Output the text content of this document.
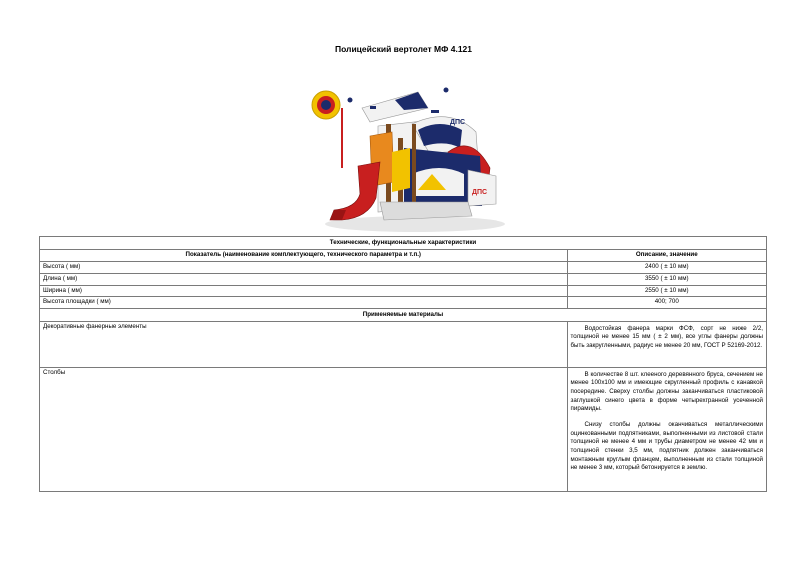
Полицейский вертолет МФ 4.121
ДПС
ДПС
Технические, функциональные характеристики	
Показатель (наименование комплектующего, технического параметра и т.п.)	Описание, значение
Высота ( мм)	2400 ( ± 10 мм)
Длина ( мм)	3550 ( ± 10 мм)
Ширина ( мм)	2550 ( ± 10 мм)
Высота площадки ( мм)	400; 700
Применяемые материалы	
Декоративные фанерные элементы	Водостойкая фанера марки ФСФ, сорт не ниже 2/2, толщиной не менее 15 мм ( ± 2 мм), все углы фанеры должны быть закругленными, радиус не менее 20 мм, ГОСТ Р 52169-2012.

Столбы	В количестве 8 шт. клееного деревянного бруса, сечением не менее 100х100 мм и имеющие скругленный профиль с канавкой посередине. Сверху столбы должны заканчиваться пластиковой заглушкой синего цвета в форме четырехгранной усеченной пирамиды.

Снизу столбы должны оканчиваться металлическими оцинкованными подпятниками, выполненными из листовой стали толщиной не менее 4 мм и трубы диаметром не менее 42 мм и толщиной стенки 3,5 мм, подпятник должен заканчиваться монтажным круглым фланцем, выполненным из стали толщиной не менее 3 мм, который бетонируется в землю.
